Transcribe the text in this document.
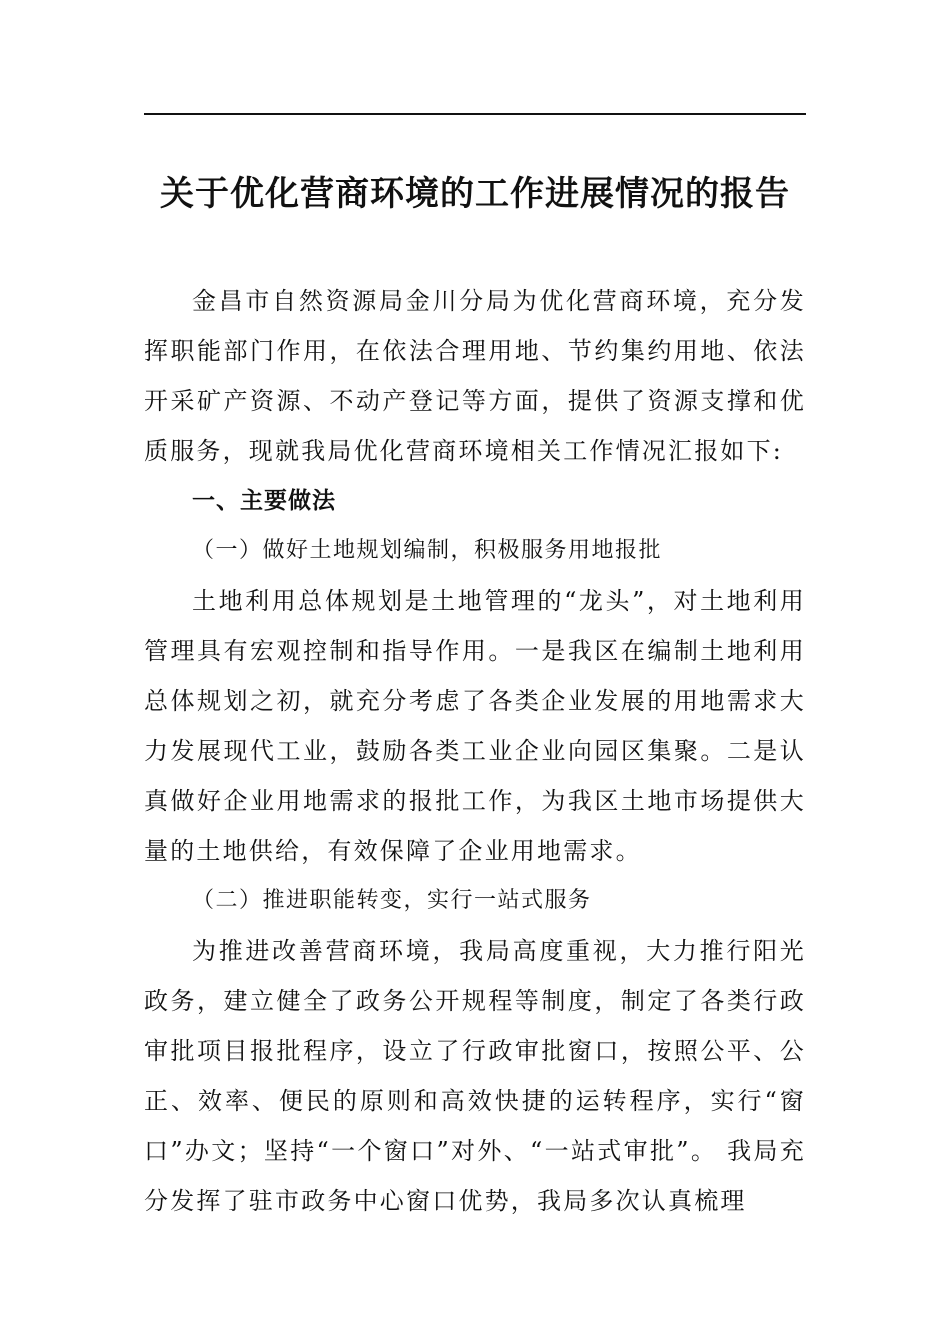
关于优化营商环境的工作进展情况的报告

金昌市自然资源局金川分局为优化营商环境，充分发挥职能部门作用，在依法合理用地、节约集约用地、依法开采矿产资源、不动产登记等方面，提供了资源支撑和优质服务，现就我局优化营商环境相关工作情况汇报如下:

一、主要做法

（一）做好土地规划编制，积极服务用地报批

土地利用总体规划是土地管理的“龙头”，对土地利用管理具有宏观控制和指导作用。一是我区在编制土地利用总体规划之初，就充分考虑了各类企业发展的用地需求大力发展现代工业，鼓励各类工业企业向园区集聚。二是认真做好企业用地需求的报批工作，为我区土地市场提供大量的土地供给，有效保障了企业用地需求。

（二）推进职能转变，实行一站式服务

为推进改善营商环境，我局高度重视，大力推行阳光政务，建立健全了政务公开规程等制度，制定了各类行政审批项目报批程序，设立了行政审批窗口，按照公平、公正、效率、便民的原则和高效快捷的运转程序，实行“窗口”办文；坚持“一个窗口”对外、“一站式审批”。 我局充分发挥了驻市政务中心窗口优势，我局多次认真梳理
